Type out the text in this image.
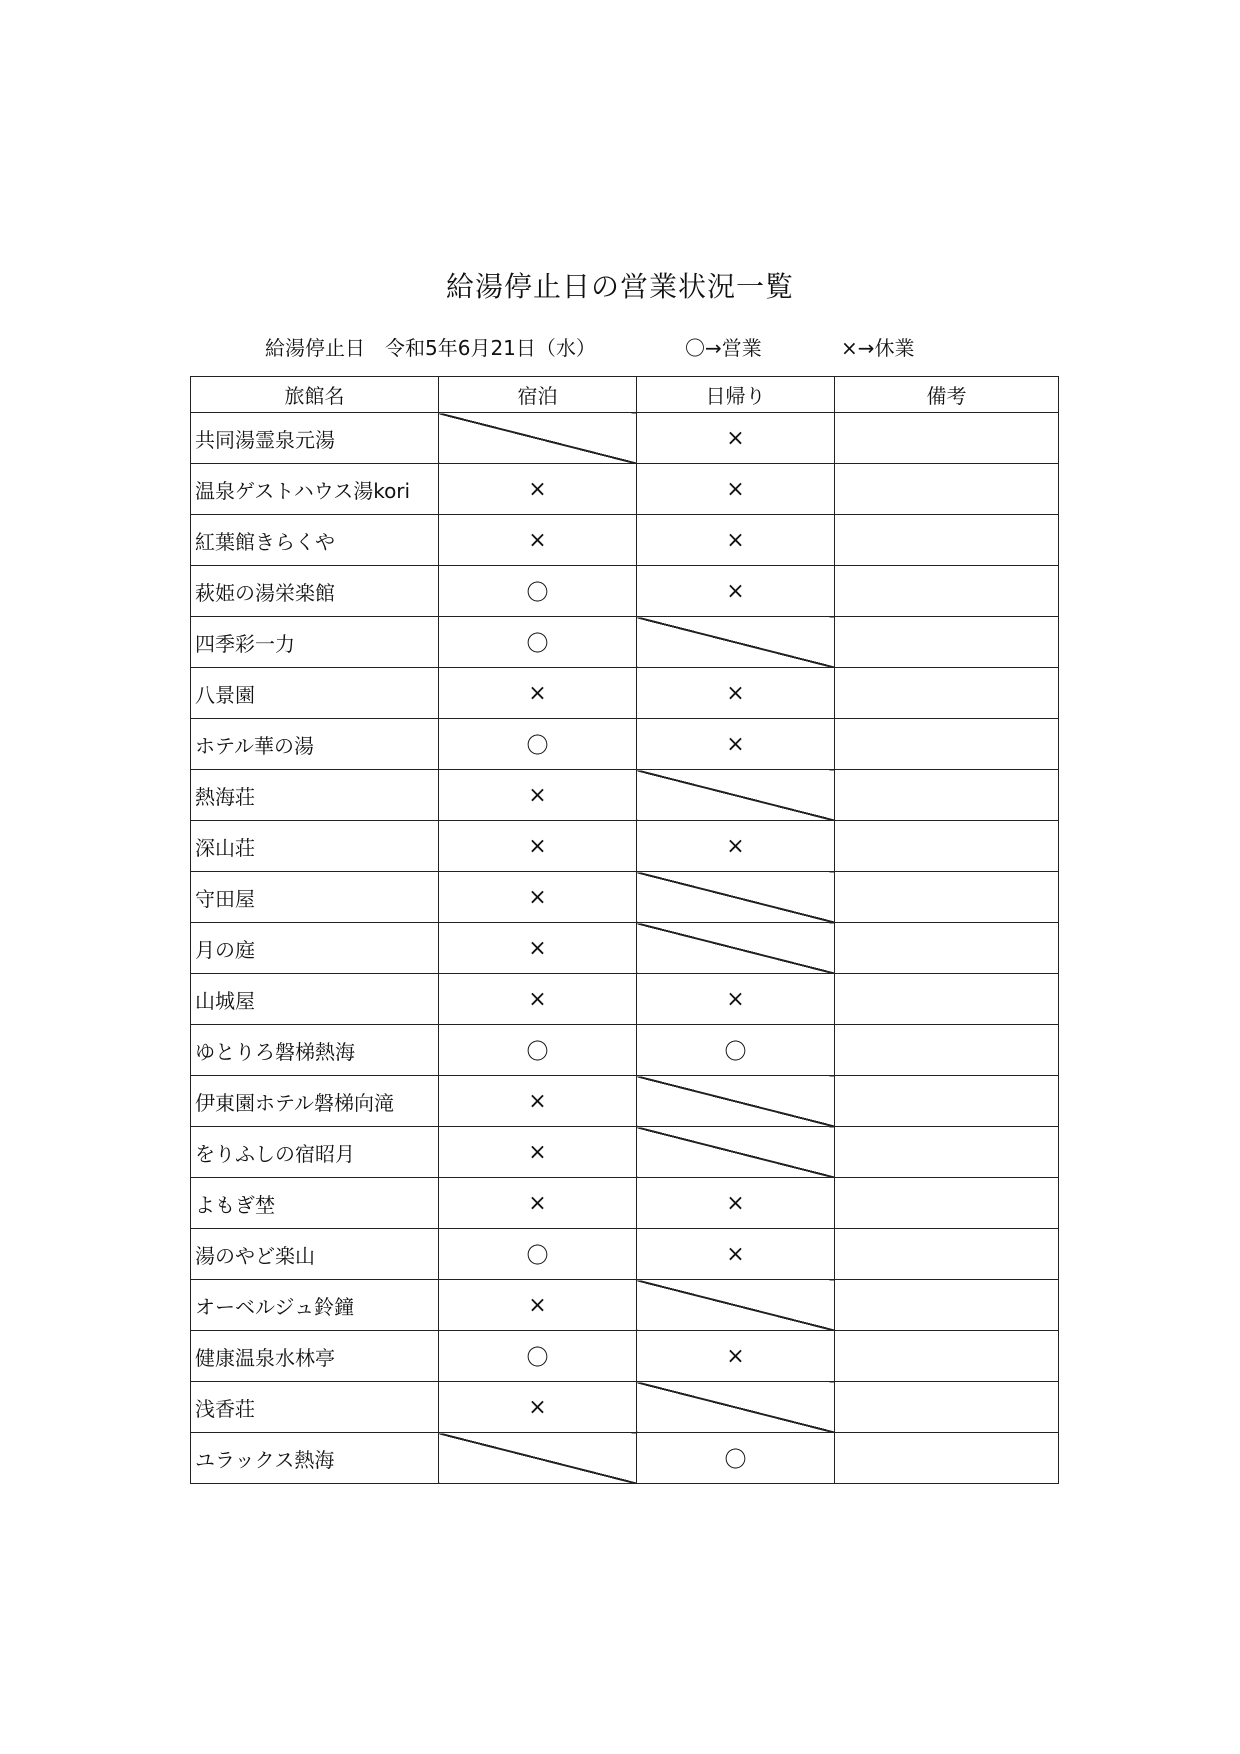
給湯停止日の営業状況一覧
給湯停止日　令和5年6月21日（水）	〇→営業	×→休業
旅館名	宿泊	日帰り	備考
共同湯霊泉元湯		×	
温泉ゲストハウス湯kori	×	×	
紅葉館きらくや	×	×	
萩姫の湯栄楽館	〇	×	
四季彩一力	〇		
八景園	×	×	
ホテル華の湯	〇	×	
熱海荘	×		
深山荘	×	×	
守田屋	×		
月の庭	×		
山城屋	×	×	
ゆとりろ磐梯熱海	〇	〇	
伊東園ホテル磐梯向滝	×		
をりふしの宿昭月	×		
よもぎ埜	×	×	
湯のやど楽山	〇	×	
オーベルジュ鈴鐘	×		
健康温泉水林亭	〇	×	
浅香荘	×		
ユラックス熱海		〇	
